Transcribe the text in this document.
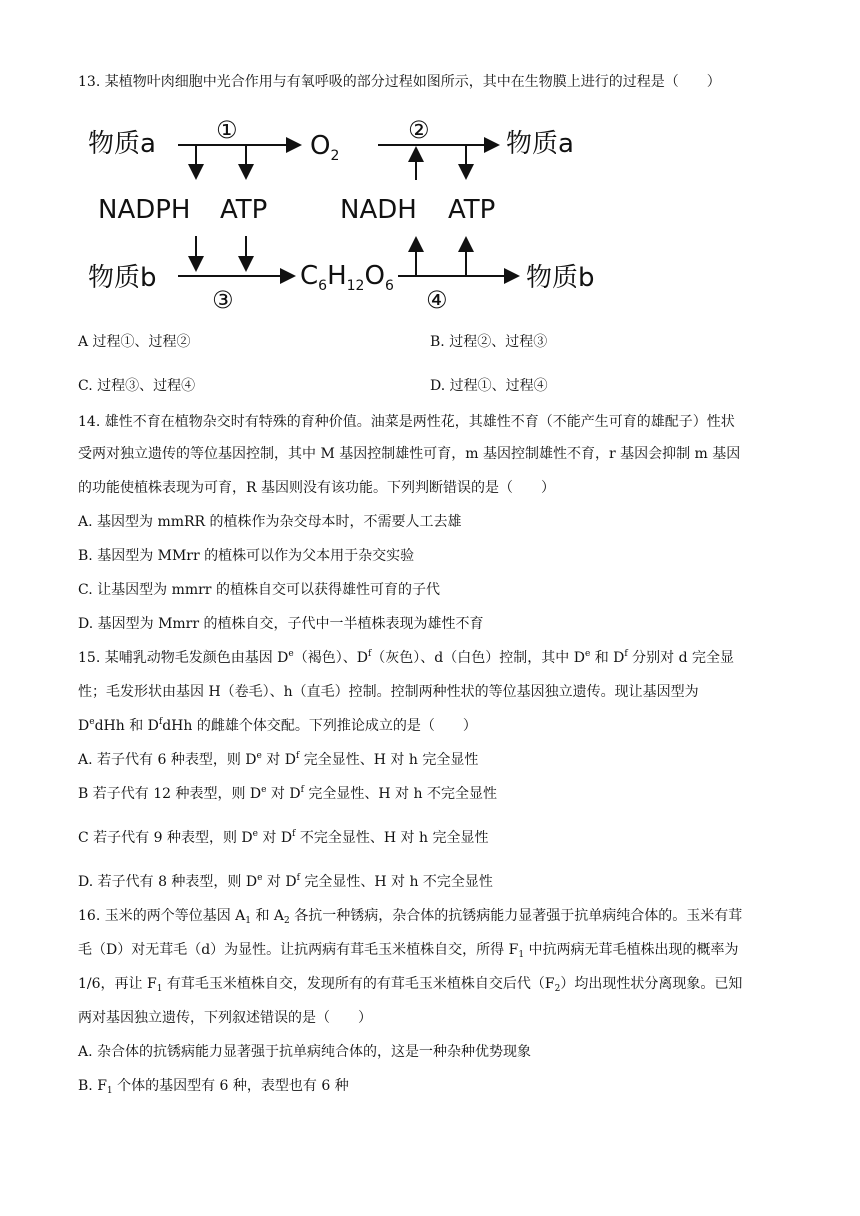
13. 某植物叶肉细胞中光合作用与有氧呼吸的部分过程如图所示，其中在生物膜上进行的过程是（　　）
物质a	①
$O_2$
②	物质a
NADPH ATP	NADH ATP
物质b
③
$C_6H_{12}O_6$	物质b
④
A 过程①、过程②	B. 过程②、过程③
C. 过程③、过程④	D. 过程①、过程④
14. 雄性不育在植物杂交时有特殊的育种价值。油菜是两性花，其雄性不育（不能产生可育的雄配子）性状
受两对独立遗传的等位基因控制，其中 M 基因控制雄性可育，m 基因控制雄性不育，r 基因会抑制 m 基因
的功能使植株表现为可育，R 基因则没有该功能。下列判断错误的是（　　）
A. 基因型为 mmRR 的植株作为杂交母本时，不需要人工去雄
B. 基因型为 MMrr 的植株可以作为父本用于杂交实验
C. 让基因型为 mmrr 的植株自交可以获得雄性可育的子代
D. 基因型为 Mmrr 的植株自交，子代中一半植株表现为雄性不育
15. 某哺乳动物毛发颜色由基因 De（褐色）、$D^f$（灰色）、d（白色）控制，其中 De 和 $D^f$ 分别对 d 完全显
性；毛发形状由基因 H（卷毛）、h（直毛）控制。控制两种性状的等位基因独立遗传。现让基因型为
DedHh 和 $D^fdHh$ 的雌雄个体交配。下列推论成立的是（　　）
A. 若子代有 6 种表型，则 De 对 $D^f$ 完全显性、H 对 h 完全显性
B 若子代有 12 种表型，则 De 对 $D^f$ 完全显性、H 对 h 不完全显性
C 若子代有 9 种表型，则 De 对 $D^f$ 不完全显性、H 对 h 完全显性
D. 若子代有 8 种表型，则 De 对 $D^f$ 完全显性、H 对 h 不完全显性
16. 玉米的两个等位基因 $A_1$ 和 $A_2$ 各抗一种锈病，杂合体的抗锈病能力显著强于抗单病纯合体的。玉米有茸
毛（D）对无茸毛（d）为显性。让抗两病有茸毛玉米植株自交，所得 $F_1$ 中抗两病无茸毛植株出现的概率为
1/6，再让 $F_1$ 有茸毛玉米植株自交，发现所有的有茸毛玉米植株自交后代$(F_2)$均出现性状分离现象。已知
两对基因独立遗传，下列叙述错误的是（　　）
A. 杂合体的抗锈病能力显著强于抗单病纯合体的，这是一种杂种优势现象
B. $F_1$ 个体的基因型有 6 种，表型也有 6 种
